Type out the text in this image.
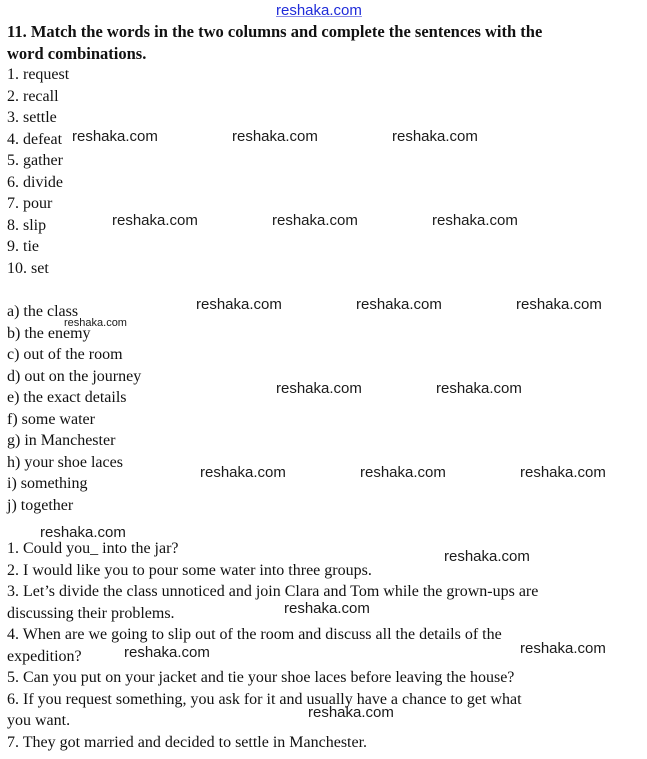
reshaka.com
11. Match the words in the two columns and complete the sentences with the
word combinations.
1. request
2. recall
3. settle
4. defeat
5. gather
6. divide
7. pour
8. slip
9. tie
10. set
a) the class
b) the enemy
c) out of the room
d) out on the journey
e) the exact details
f) some water
g) in Manchester
h) your shoe laces
i) something
j) together
1. Could you_ into the jar?
2. I would like you to pour some water into three groups.
3. Let’s divide the class unnoticed and join Clara and Tom while the grown-ups are
discussing their problems.
4. When are we going to slip out of the room and discuss all the details of the
expedition?
5. Can you put on your jacket and tie your shoe laces before leaving the house?
6. If you request something, you ask for it and usually have a chance to get what
you want.
7. They got married and decided to settle in Manchester.
reshaka.com	reshaka.com	reshaka.com
reshaka.com	reshaka.com	reshaka.com
reshaka.com	reshaka.com	reshaka.com
reshaka.com
reshaka.com	reshaka.com
reshaka.com	reshaka.com	reshaka.com
reshaka.com
reshaka.com
reshaka.com
reshaka.com	reshaka.com
reshaka.com
